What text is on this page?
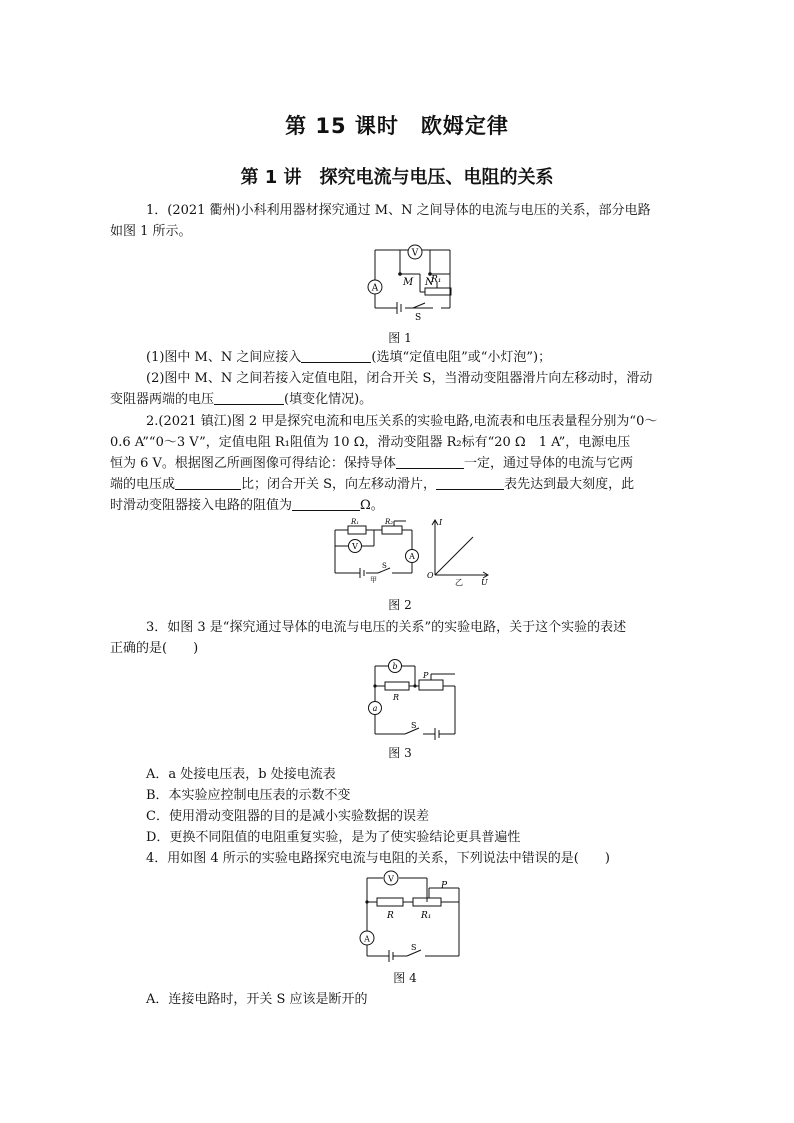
第 15 课时　欧姆定律
第 1 讲　探究电流与电压、电阻的关系
1．(2021 衢州)小科利用器材探究通过 M、N 之间导体的电流与电压的关系，部分电路
如图 1 所示。
V
A
M N
R₁
S
图 1
(1)图中 M、N 之间应接入	(选填“定值电阻”或“小灯泡”)；
(2)图中 M、N 之间若接入定值电阻，闭合开关 S，当滑动变阻器滑片向左移动时，滑动
变阻器两端的电压	(填变化情况)。
2.(2021 镇江)图 2 甲是探究电流和电压关系的实验电路,电流表和电压表量程分别为“0～
0.6 A”“0～3 V”，定值电阻 R₁阻值为 10 Ω，滑动变阻器 R₂标有“20 Ω　1 A”，电源电压
恒为 6 V。根据图乙所画图像可得结论：保持导体	一定，通过导体的电流与它两
端的电压成	比；闭合开关 S，向左移动滑片，	表先达到最大刻度，此
时滑动变阻器接入电路的阻值为	Ω。
V
A
R₁	R₂
S
甲
I
U
O
乙
图 2
3．如图 3 是“探究通过导体的电流与电压的关系”的实验电路，关于这个实验的表述
正确的是(　　)
b
a
R
P
S
图 3
A．a 处接电压表，b 处接电流表
B．本实验应控制电压表的示数不变
C．使用滑动变阻器的目的是减小实验数据的误差
D．更换不同阻值的电阻重复实验，是为了使实验结论更具普遍性
4．用如图 4 所示的实验电路探究电流与电阻的关系，下列说法中错误的是(　　)
V
A
R	R₁
P
S
图 4
A．连接电路时，开关 S 应该是断开的
